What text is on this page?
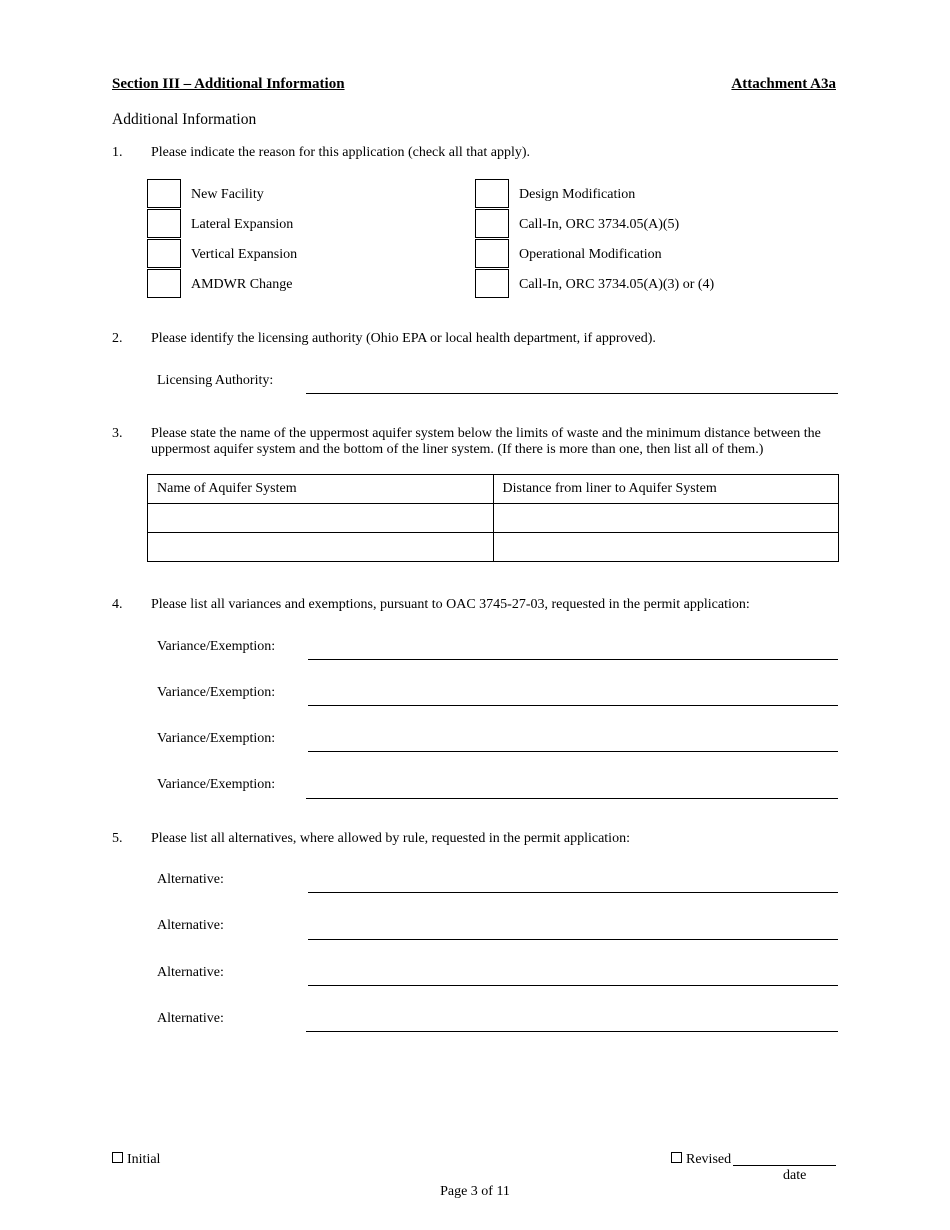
Section III – Additional Information	Attachment A3a
Additional Information
1. Please indicate the reason for this application (check all that apply).
New Facility
Lateral Expansion
Vertical Expansion
AMDWR Change
Design Modification
Call-In, ORC 3734.05(A)(5)
Operational Modification
Call-In, ORC 3734.05(A)(3) or (4)
2. Please identify the licensing authority (Ohio EPA or local health department, if approved).
Licensing Authority:
3. Please state the name of the uppermost aquifer system below the limits of waste and the minimum distance between the
uppermost aquifer system and the bottom of the liner system. (If there is more than one, then list all of them.)
Name of Aquifer System	Distance from liner to Aquifer System

4. Please list all variances and exemptions, pursuant to OAC 3745-27-03, requested in the permit application:
Variance/Exemption:
Variance/Exemption:
Variance/Exemption:
Variance/Exemption:
5. Please list all alternatives, where allowed by rule, requested in the permit application:
Alternative:
Alternative:
Alternative:
Alternative:
Initial	Revised
date
Page 3 of 11
